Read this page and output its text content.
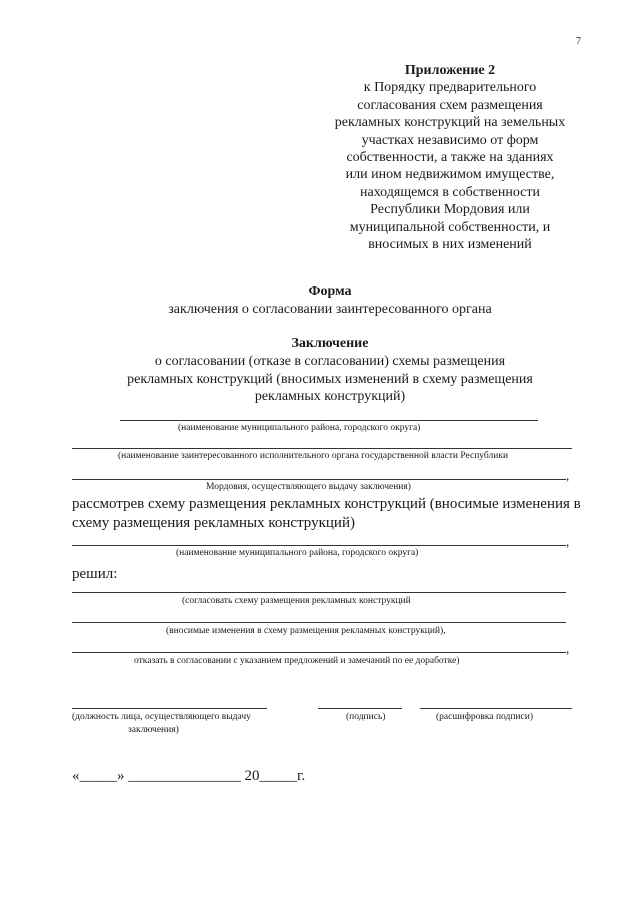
7
Приложение 2
к Порядку предварительного
согласования схем размещения
рекламных конструкций на земельных
участках независимо от форм
собственности, а также на зданиях
или ином недвижимом имуществе,
находящемся в собственности
Республики Мордовия или
муниципальной собственности, и
вносимых в них изменений
Форма
заключения о согласовании заинтересованного органа
Заключение
о согласовании (отказе в согласовании) схемы размещения
рекламных конструкций (вносимых изменений в схему размещения
рекламных конструкций)
(наименование муниципального района, городского округа)
(наименование заинтересованного исполнительного органа государственной власти Республики
,
Мордовия, осуществляющего выдачу заключения)
рассмотрев схему размещения рекламных конструкций (вносимые изменения в
схему размещения рекламных конструкций)
,
(наименование муниципального района, городского округа)
решил:
(согласовать схему размещения рекламных конструкций
(вносимые изменения в схему размещения рекламных конструкций),
,
отказать в согласовании с указанием предложений и замечаний по ее доработке)
(должность лица, осуществляющего выдачу
заключения)
(подпись)	(расшифровка подписи)
«_____» _______________ 20_____г.
